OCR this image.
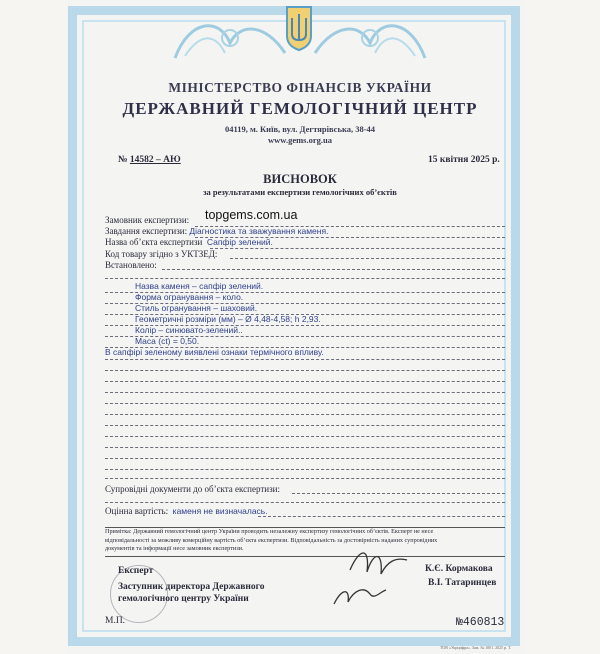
МІНІСТЕРСТВО ФІНАНСІВ УКРАЇНИ
ДЕРЖАВНИЙ ГЕМОЛОГІЧНИЙ ЦЕНТР
04119, м. Київ, вул. Дегтярівська, 38-44
www.gems.org.ua
№ 14582 – АЮ	15 квітня 2025 р.
ВИСНОВОК
за результатами експертизи гемологічних об’єктів
topgems.com.ua
Замовник експертизи:
Завдання експертизи: Діагностика та зважування каменя.
Назва об’єкта експертизи Сапфір зелений.
Код товару згідно з УКТЗЕД:
Встановлено:
Назва каменя – сапфір зелений.
Форма огранування – коло.
Стиль огранування – шаховий.
Геометричні розміри (мм) – Ø 4,48-4,58; h 2,93.
Колір – синювато-зелений..
Маса (ct) = 0,50.
В сапфірі зеленому виявлені ознаки термічного впливу.
Супровідні документи до об’єкта експертизи:
Оцінна вартість: каменя не визначалась.
Примітка: Державний гемологічний центр України проводить незалежну експертизу гемологічних об’єктів. Експерт не несе
відповідальності за можливу комерційну вартість об’єкта експертизи. Відповідальність за достовірність наданих супровідних
документів та інформації несе замовник експертизи.
Експерт	К.Є. Кормакова
Заступник директора Державного
гемологічного центру України
В.І. Татаринцев
М.П.	№460813
ТОВ «Укрцифра». Зам. № 1001. 2025 р. Т.
